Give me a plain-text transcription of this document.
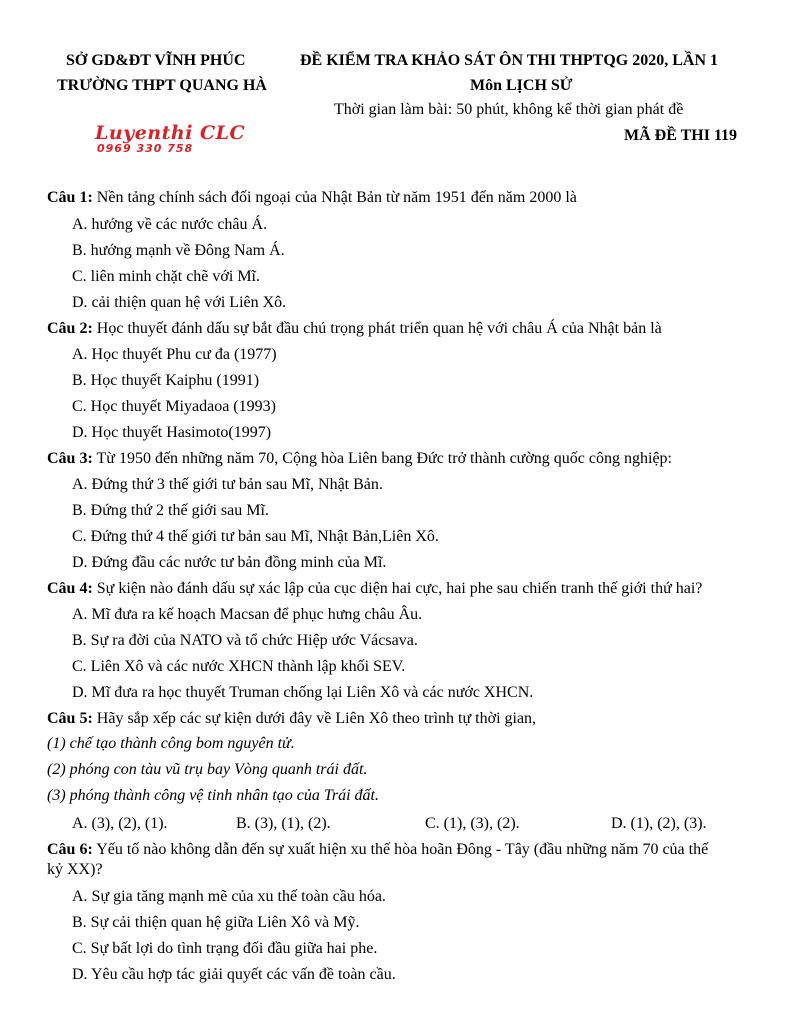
SỞ GD&ĐT VĨNH PHÚC
TRƯỜNG THPT QUANG HÀ
ĐỀ KIỂM TRA KHẢO SÁT ÔN THI THPTQG 2020, LẦN 1
Môn LỊCH SỬ
Thời gian làm bài: 50 phút, không kể thời gian phát đề
MÃ ĐỀ THI 119
Luyenthi CLC
0969 330 758
Câu 1: Nền tảng chính sách đối ngoại của Nhật Bản từ năm 1951 đến năm 2000 là
A. hướng về các nước châu Á.
B. hướng mạnh về Đông Nam Á.
C. liên minh chặt chẽ với Mĩ.
D. cải thiện quan hệ với Liên Xô.
Câu 2: Học thuyết đánh dấu sự bắt đầu chú trọng phát triển quan hệ với châu Á của Nhật bản là
A. Học thuyết Phu cư đa (1977)
B. Học thuyết Kaiphu (1991)
C. Học thuyết Miyadaoa (1993)
D. Học thuyết Hasimoto(1997)
Câu 3: Từ 1950 đến những năm 70, Cộng hòa Liên bang Đức trở thành cường quốc công nghiệp:
A. Đứng thứ 3 thế giới tư bản sau Mĩ, Nhật Bản.
B. Đứng thứ 2 thế giới sau Mĩ.
C. Đứng thứ 4 thế giới tư bản sau Mĩ, Nhật Bản,Liên Xô.
D. Đứng đầu các nước tư bản đồng minh của Mĩ.
Câu 4: Sự kiện nào đánh dấu sự xác lập của cục diện hai cực, hai phe sau chiến tranh thế giới thứ hai?
A. Mĩ đưa ra kế hoạch Macsan để phục hưng châu Âu.
B. Sự ra đời của NATO và tổ chức Hiệp ước Vácsava.
C. Liên Xô và các nước XHCN thành lập khối SEV.
D. Mĩ đưa ra học thuyết Truman chống lại Liên Xô và các nước XHCN.
Câu 5: Hãy sắp xếp các sự kiện dưới đây về Liên Xô theo trình tự thời gian,
(1) chế tạo thành công bom nguyên tử.
(2) phóng con tàu vũ trụ bay Vòng quanh trái đất.
(3) phóng thành công vệ tinh nhân tạo của Trái đất.
A. (3), (2), (1).	B. (3), (1), (2).	C. (1), (3), (2).	D. (1), (2), (3).
Câu 6: Yếu tố nào không dẫn đến sự xuất hiện xu thế hòa hoãn Đông - Tây (đầu những năm 70 của thế
kỷ XX)?
A. Sự gia tăng mạnh mẽ của xu thế toàn cầu hóa.
B. Sự cải thiện quan hệ giữa Liên Xô và Mỹ.
C. Sự bất lợi do tình trạng đối đầu giữa hai phe.
D. Yêu cầu hợp tác giải quyết các vấn đề toàn cầu.
